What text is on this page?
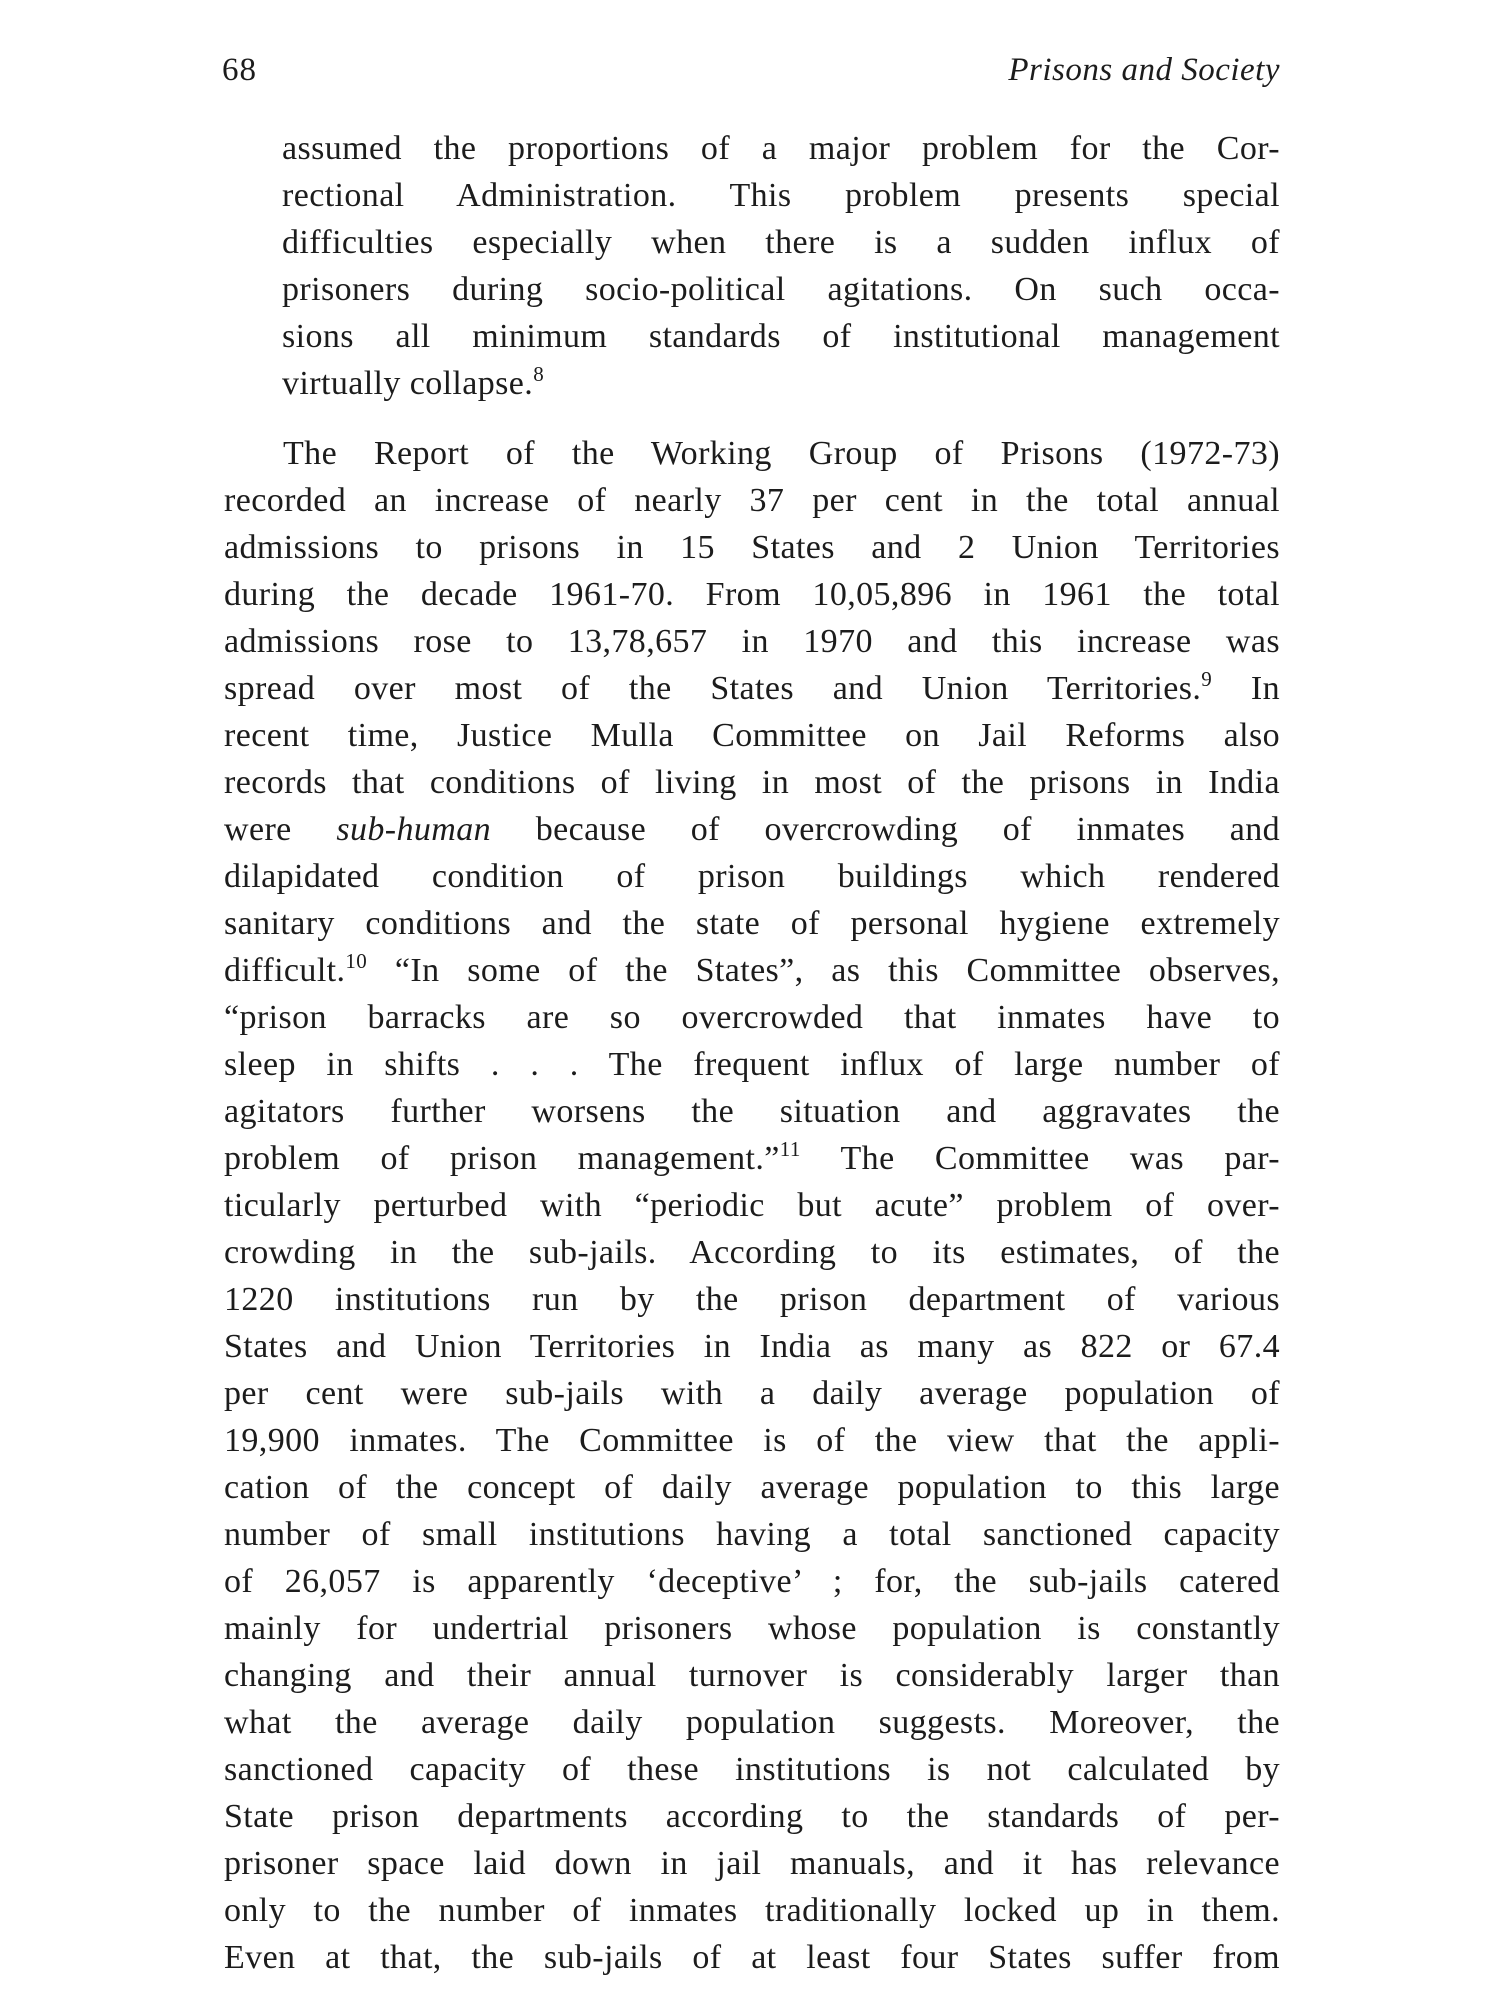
68	Prisons and Society
assumed the proportions of a major problem for the Cor-
rectional Administration. This problem presents special
difficulties especially when there is a sudden influx of
prisoners during socio-political agitations. On such occa-
sions all minimum standards of institutional management
virtually collapse.$^8$
The Report of the Working Group of Prisons (1972-73)
recorded an increase of nearly 37 per cent in the total annual
admissions to prisons in 15 States and 2 Union Territories
during the decade 1961-70. From 10,05,896 in 1961 the total
admissions rose to 13,78,657 in 1970 and this increase was
spread over most of the States and Union Territories.$^9$ In
recent time, Justice Mulla Committee on Jail Reforms also
records that conditions of living in most of the prisons in India
were sub-human because of overcrowding of inmates and
dilapidated condition of prison buildings which rendered
sanitary conditions and the state of personal hygiene extremely
difficult.$^{10}$ “In some of the States”, as this Committee observes,
“prison barracks are so overcrowded that inmates have to
sleep in shifts . . . The frequent influx of large number of
agitators further worsens the situation and aggravates the
problem of prison management.”$^{11}$ The Committee was par-
ticularly perturbed with “periodic but acute” problem of over-
crowding in the sub-jails. According to its estimates, of the
1220 institutions run by the prison department of various
States and Union Territories in India as many as 822 or 67.4
per cent were sub-jails with a daily average population of
19,900 inmates. The Committee is of the view that the appli-
cation of the concept of daily average population to this large
number of small institutions having a total sanctioned capacity
of 26,057 is apparently ‘deceptive’ ; for, the sub-jails catered
mainly for undertrial prisoners whose population is constantly
changing and their annual turnover is considerably larger than
what the average daily population suggests. Moreover, the
sanctioned capacity of these institutions is not calculated by
State prison departments according to the standards of per-
prisoner space laid down in jail manuals, and it has relevance
only to the number of inmates traditionally locked up in them.
Even at that, the sub-jails of at least four States suffer from
